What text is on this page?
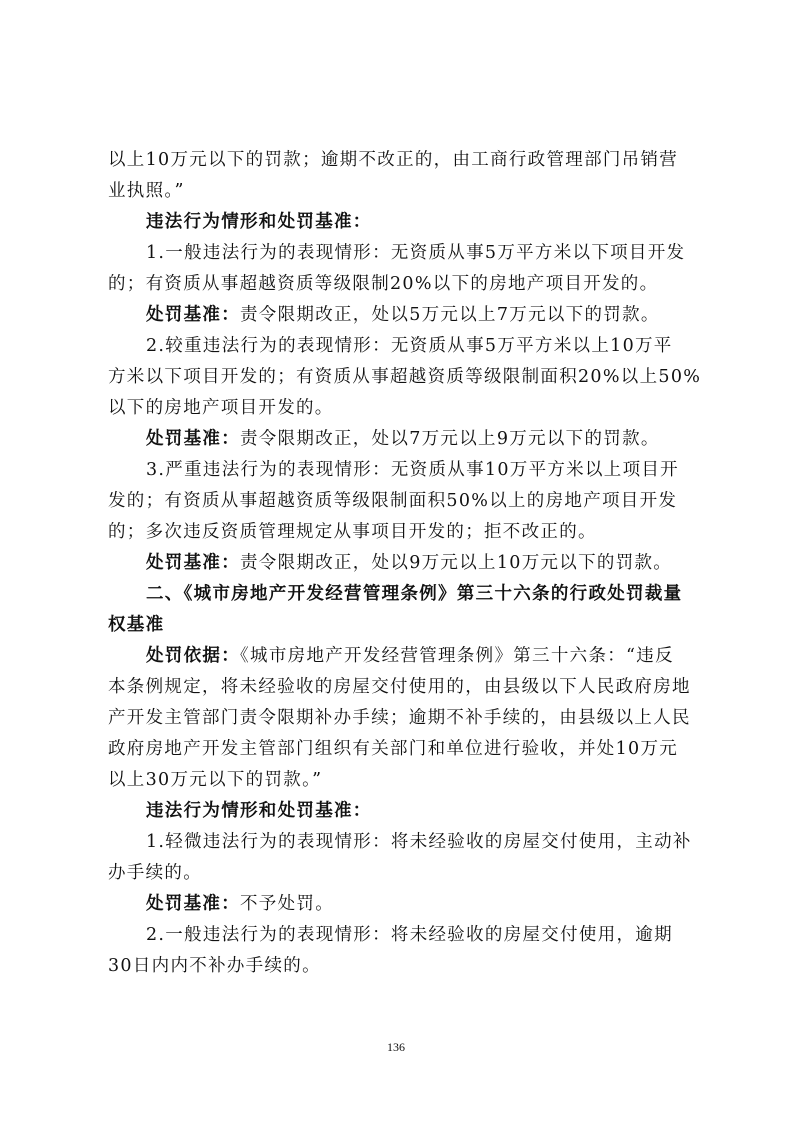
以上10万元以下的罚款；逾期不改正的，由工商行政管理部门吊销营
业执照。”
违法行为情形和处罚基准：
1.一般违法行为的表现情形：无资质从事5万平方米以下项目开发
的；有资质从事超越资质等级限制20%以下的房地产项目开发的。
处罚基准：责令限期改正，处以5万元以上7万元以下的罚款。
2.较重违法行为的表现情形：无资质从事5万平方米以上10万平
方米以下项目开发的；有资质从事超越资质等级限制面积20%以上50%
以下的房地产项目开发的。
处罚基准：责令限期改正，处以7万元以上9万元以下的罚款。
3.严重违法行为的表现情形：无资质从事10万平方米以上项目开
发的；有资质从事超越资质等级限制面积50%以上的房地产项目开发
的；多次违反资质管理规定从事项目开发的；拒不改正的。
处罚基准：责令限期改正，处以9万元以上10万元以下的罚款。
二、《城市房地产开发经营管理条例》第三十六条的行政处罚裁量
权基准
处罚依据：《城市房地产开发经营管理条例》第三十六条：“违反
本条例规定，将未经验收的房屋交付使用的，由县级以下人民政府房地
产开发主管部门责令限期补办手续；逾期不补手续的，由县级以上人民
政府房地产开发主管部门组织有关部门和单位进行验收，并处10万元
以上30万元以下的罚款。”
违法行为情形和处罚基准：
1.轻微违法行为的表现情形：将未经验收的房屋交付使用，主动补
办手续的。
处罚基准：不予处罚。
2.一般违法行为的表现情形：将未经验收的房屋交付使用，逾期
30日内内不补办手续的。
136
